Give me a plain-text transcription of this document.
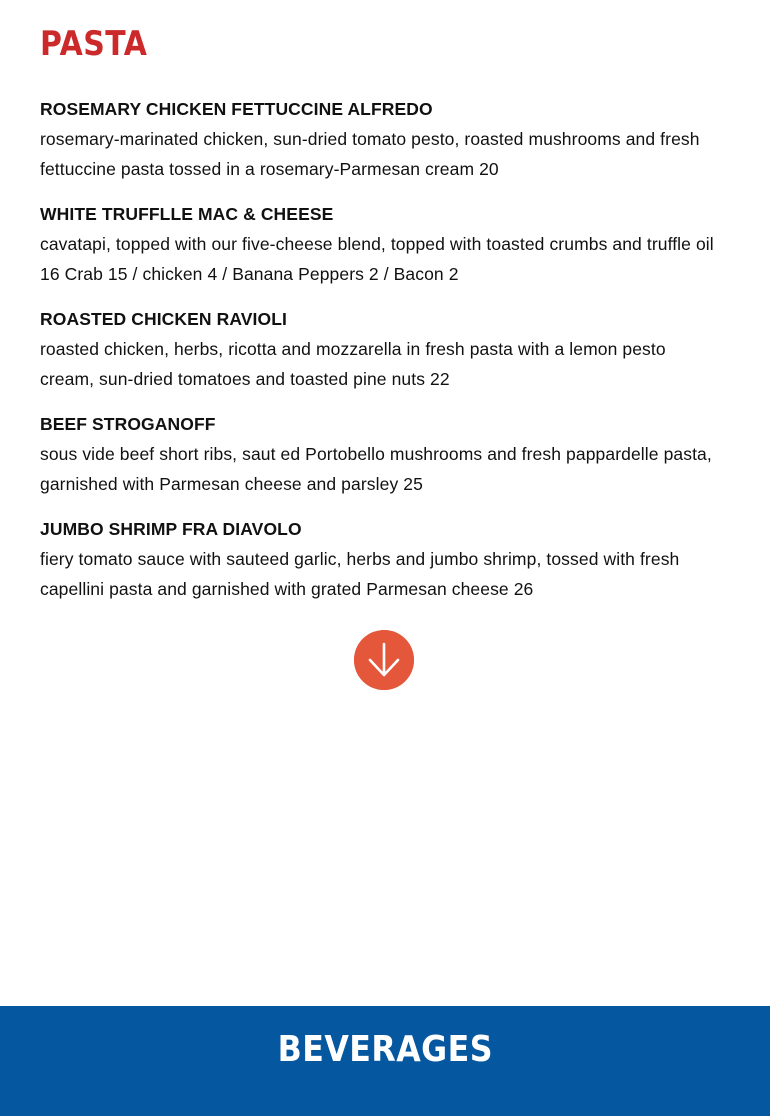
PASTA

ROSEMARY CHICKEN FETTUCCINE ALFREDO

rosemary-marinated chicken, sun-dried tomato pesto, roasted mushrooms and fresh

fettuccine pasta tossed in a rosemary-Parmesan cream 20

WHITE TRUFFLLE MAC & CHEESE

cavatapi, topped with our five-cheese blend, topped with toasted crumbs and truffle oil

16 Crab 15 / chicken 4 / Banana Peppers 2 / Bacon 2

ROASTED CHICKEN RAVIOLI

roasted chicken, herbs, ricotta and mozzarella in fresh pasta with a lemon pesto

cream, sun-dried tomatoes and toasted pine nuts 22

BEEF STROGANOFF

sous vide beef short ribs, saut ed Portobello mushrooms and fresh pappardelle pasta,

garnished with Parmesan cheese and parsley 25

JUMBO SHRIMP FRA DIAVOLO

fiery tomato sauce with sauteed garlic, herbs and jumbo shrimp, tossed with fresh

capellini pasta and garnished with grated Parmesan cheese 26

BEVERAGES
